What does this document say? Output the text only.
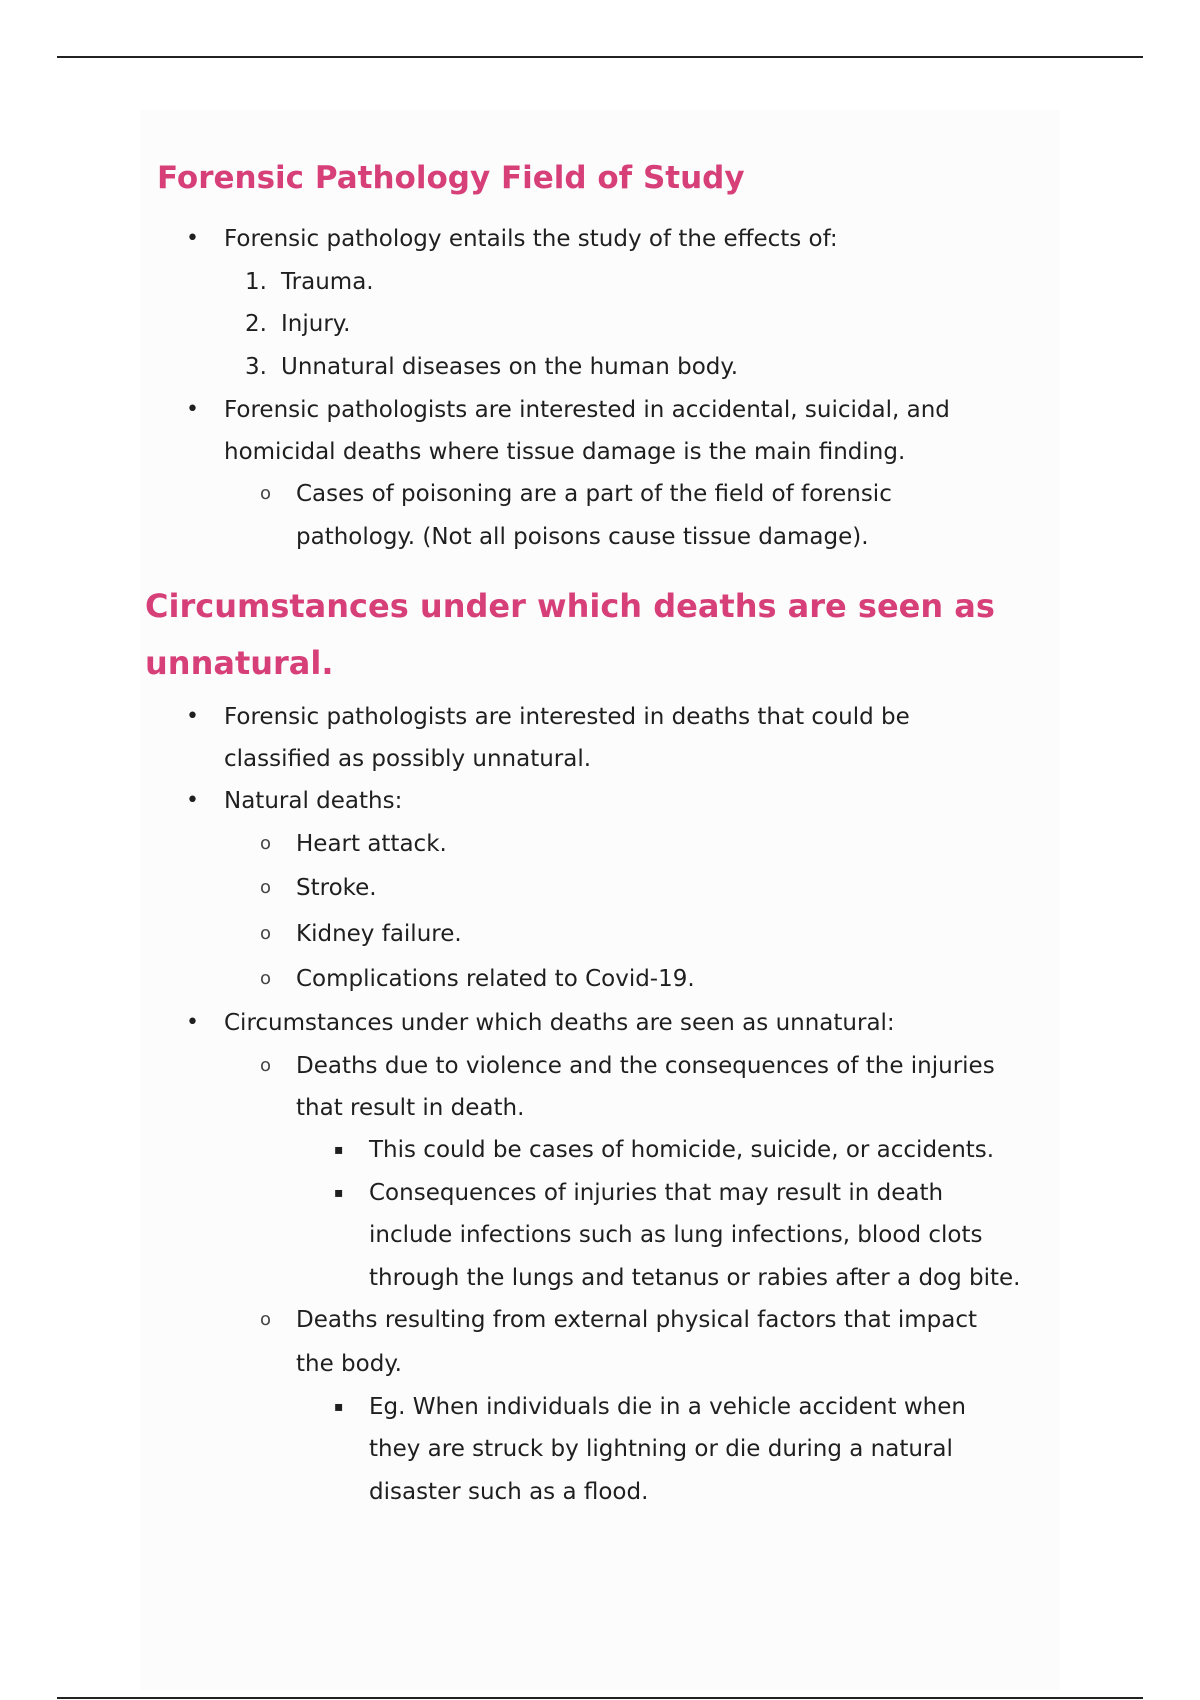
Forensic Pathology Field of Study
• Forensic pathology entails the study of the effects of:
1. Trauma.
2. Injury.
3. Unnatural diseases on the human body.
• Forensic pathologists are interested in accidental, suicidal, and
homicidal deaths where tissue damage is the main finding.
o Cases of poisoning are a part of the field of forensic
pathology. (Not all poisons cause tissue damage).
Circumstances under which deaths are seen as
unnatural.
• Forensic pathologists are interested in deaths that could be
classified as possibly unnatural.
• Natural deaths:
o Heart attack.
o Stroke.
o Kidney failure.
o Complications related to Covid-19.
• Circumstances under which deaths are seen as unnatural:
o Deaths due to violence and the consequences of the injuries
that result in death.
▪ This could be cases of homicide, suicide, or accidents.
▪ Consequences of injuries that may result in death
include infections such as lung infections, blood clots
through the lungs and tetanus or rabies after a dog bite.
o Deaths resulting from external physical factors that impact
the body.
▪ Eg. When individuals die in a vehicle accident when
they are struck by lightning or die during a natural
disaster such as a flood.
